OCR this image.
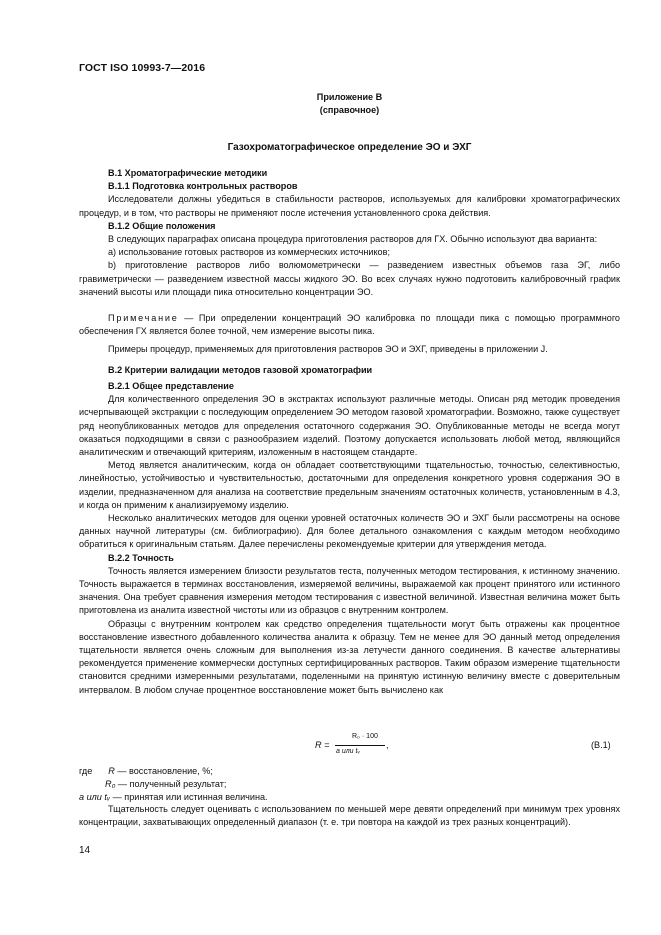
ГОСТ ISO 10993-7—2016
Приложение B
(справочное)
Газохроматографическое определение ЭО и ЭХГ

B.1 Хроматографические методики

B.1.1 Подготовка контрольных растворов

Исследователи должны убедиться в стабильности растворов, используемых для калибровки хроматографических процедур, и в том, что растворы не применяют после истечения установленного срока действия.

B.1.2 Общие положения

В следующих параграфах описана процедура приготовления растворов для ГХ. Обычно используют два варианта:

a) использование готовых растворов из коммерческих источников;

b) приготовление растворов либо волюмометрически — разведением известных объемов газа ЭГ, либо гравиметрически — разведением известной массы жидкого ЭО. Во всех случаях нужно подготовить калибровочный график значений высоты или площади пика относительно концентрации ЭО.

Примечание — При определении концентраций ЭО калибровка по площади пика с помощью программного обеспечения ГХ является более точной, чем измерение высоты пика.

Примеры процедур, применяемых для приготовления растворов ЭО и ЭХГ, приведены в приложении J.

B.2 Критерии валидации методов газовой хроматографии

B.2.1 Общее представление

Для количественного определения ЭО в экстрактах используют различные методы. Описан ряд методик проведения исчерпывающей экстракции с последующим определением ЭО методом газовой хроматографии. Возможно, также существует ряд неопубликованных методов для определения остаточного содержания ЭО. Опубликованные методы не всегда могут оказаться подходящими в связи с разнообразием изделий. Поэтому допускается использовать любой метод, являющийся аналитическим и отвечающий критериям, изложенным в настоящем стандарте.

Метод является аналитическим, когда он обладает соответствующими тщательностью, точностью, селективностью, линейностью, устойчивостью и чувствительностью, достаточными для определения конкретного уровня содержания ЭО в изделии, предназначенном для анализа на соответствие предельным значениям остаточных количеств, установленным в 4.3, и когда он применим к анализируемому изделию.

Несколько аналитических методов для оценки уровней остаточных количеств ЭО и ЭХГ были рассмотрены на основе данных научной литературы (см. библиографию). Для более детального ознакомления с каждым методом необходимо обратиться к оригинальным статьям. Далее перечислены рекомендуемые критерии для утверждения метода.

B.2.2 Точность

Точность является измерением близости результатов теста, полученных методом тестирования, к истинному значению. Точность выражается в терминах восстановления, измеряемой величины, выражаемой как процент принятого или истинного значения. Она требует сравнения измерения методом тестирования с известной величиной. Известная величина может быть приготовлена из аналита известной чистоты или из образцов с внутренним контролем.

Образцы с внутренним контролем как средство определения тщательности могут быть отражены как процентное восстановление известного добавленного количества аналита к образцу. Тем не менее для ЭО данный метод определения тщательности является очень сложным для выполнения из-за летучести данного соединения. В качестве альтернативы рекомендуется применение коммерчески доступных сертифицированных растворов. Таким образом измерение тщательности становится средними измеренными результатами, поделенными на принятую истинную величину вместе с доверительным интервалом. В любом случае процентное восстановление может быть вычислено как

R =
R₀ · 100
a или tᵥ
,	(B.1)
где R — восстановление, %;
R₀ — полученный результат;
a или tᵥ — принятая или истинная величина.

Тщательность следует оценивать с использованием по меньшей мере девяти определений при минимум трех уровнях концентрации, захватывающих определенный диапазон (т. е. три повтора на каждой из трех разных концентраций).

14
